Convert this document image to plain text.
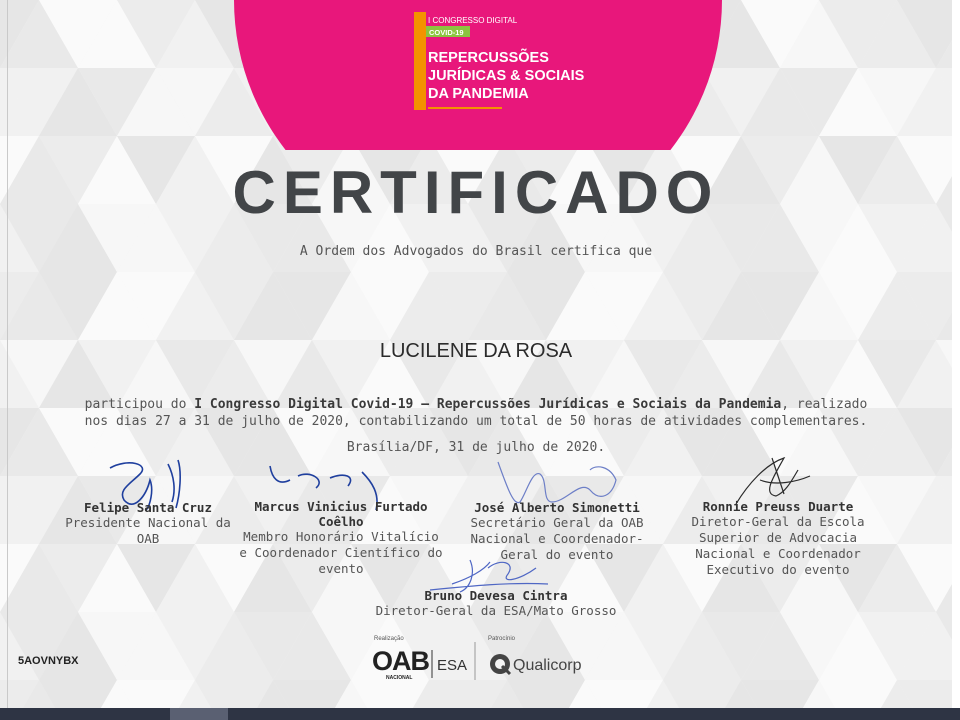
I CONGRESSO DIGITAL
COVID-19
REPERCUSSÕES
JURÍDICAS & SOCIAIS
DA PANDEMIA
CERTIFICADO
A Ordem dos Advogados do Brasil certifica que
LUCILENE DA ROSA
participou do I Congresso Digital Covid-19 – Repercussões Jurídicas e Sociais da Pandemia, realizado
nos dias 27 a 31 de julho de 2020, contabilizando um total de 50 horas de atividades complementares.
Brasília/DF, 31 de julho de 2020.
Felipe Santa Cruz
Presidente Nacional da
OAB
Marcus Vinicius Furtado
Coêlho
Membro Honorário Vitalício
e Coordenador Científico do
evento
José Alberto Simonetti
Secretário Geral da OAB
Nacional e Coordenador-
Geral do evento
Ronnie Preuss Duarte
Diretor-Geral da Escola
Superior de Advocacia
Nacional e Coordenador
Executivo do evento
Bruno Devesa Cintra
Diretor-Geral da ESA/Mato Grosso
Realização	Patrocínio
OAB
NACIONAL
ESA	Qualicorp
5AOVNYBX
